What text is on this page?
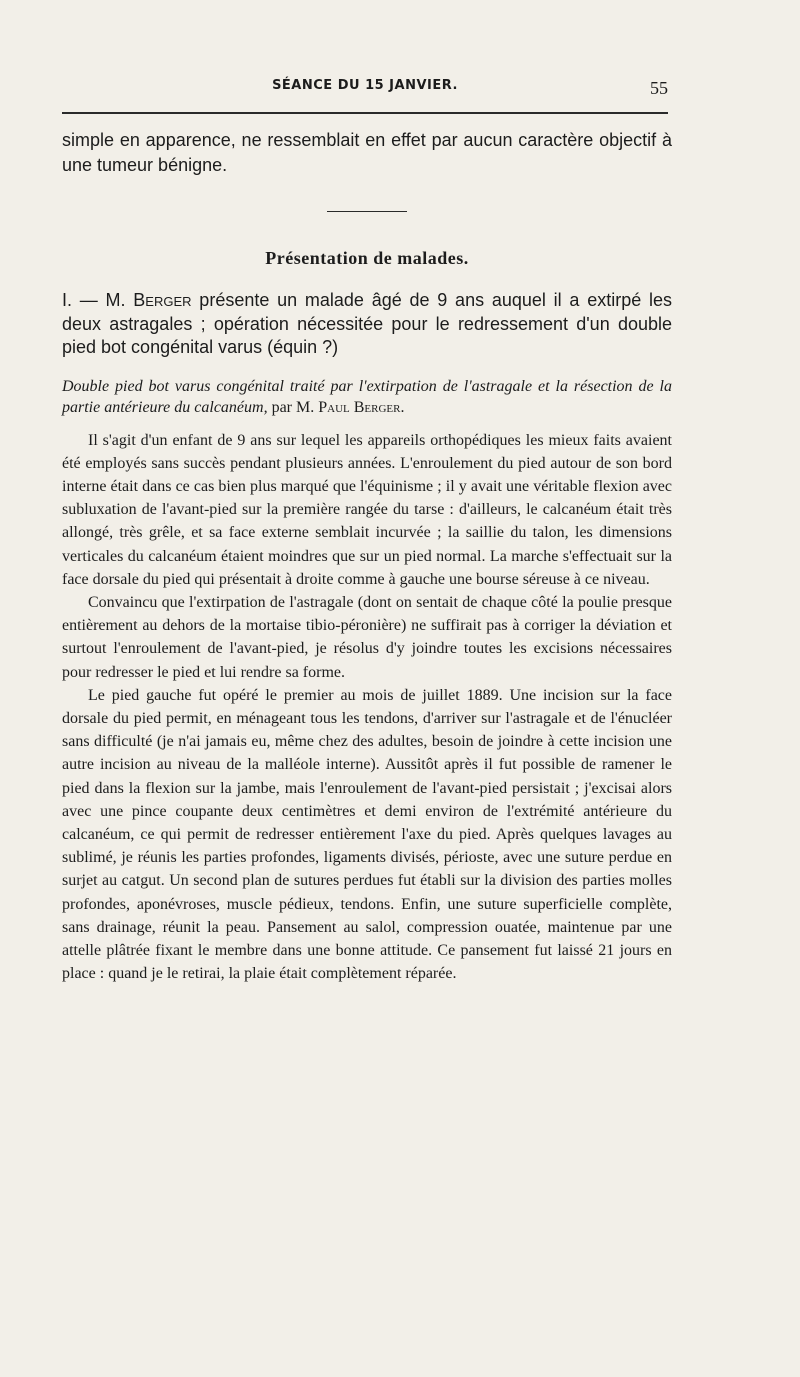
SÉANCE DU 15 JANVIER.	55

simple en apparence, ne ressemblait en effet par aucun caractère objectif à une tumeur bénigne.

Présentation de malades.

I. — M. Berger présente un malade âgé de 9 ans auquel il a extirpé les deux astragales ; opération nécessitée pour le redressement d'un double pied bot congénital varus (équin ?)

Double pied bot varus congénital traité par l'extirpation de l'astragale et la résection de la partie antérieure du calcanéum, par M. Paul Berger.

Il s'agit d'un enfant de 9 ans sur lequel les appareils orthopédiques les mieux faits avaient été employés sans succès pendant plusieurs années. L'enroulement du pied autour de son bord interne était dans ce cas bien plus marqué que l'équinisme ; il y avait une véritable flexion avec subluxation de l'avant-pied sur la première rangée du tarse : d'ailleurs, le calcanéum était très allongé, très grêle, et sa face externe semblait incurvée ; la saillie du talon, les dimensions verticales du calcanéum étaient moindres que sur un pied normal. La marche s'effectuait sur la face dorsale du pied qui présentait à droite comme à gauche une bourse séreuse à ce niveau.

Convaincu que l'extirpation de l'astragale (dont on sentait de chaque côté la poulie presque entièrement au dehors de la mortaise tibio-péronière) ne suffirait pas à corriger la déviation et surtout l'enroulement de l'avant-pied, je résolus d'y joindre toutes les excisions nécessaires pour redresser le pied et lui rendre sa forme.

Le pied gauche fut opéré le premier au mois de juillet 1889. Une incision sur la face dorsale du pied permit, en ménageant tous les tendons, d'arriver sur l'astragale et de l'énucléer sans difficulté (je n'ai jamais eu, même chez des adultes, besoin de joindre à cette incision une autre incision au niveau de la malléole interne). Aussitôt après il fut possible de ramener le pied dans la flexion sur la jambe, mais l'enroulement de l'avant-pied persistait ; j'excisai alors avec une pince coupante deux centimètres et demi environ de l'extrémité antérieure du calcanéum, ce qui permit de redresser entièrement l'axe du pied. Après quelques lavages au sublimé, je réunis les parties profondes, ligaments divisés, périoste, avec une suture perdue en surjet au catgut. Un second plan de sutures perdues fut établi sur la division des parties molles profondes, aponévroses, muscle pédieux, tendons. Enfin, une suture superficielle complète, sans drainage, réunit la peau. Pansement au salol, compression ouatée, maintenue par une attelle plâtrée fixant le membre dans une bonne attitude. Ce pansement fut laissé 21 jours en place : quand je le retirai, la plaie était complètement réparée.
